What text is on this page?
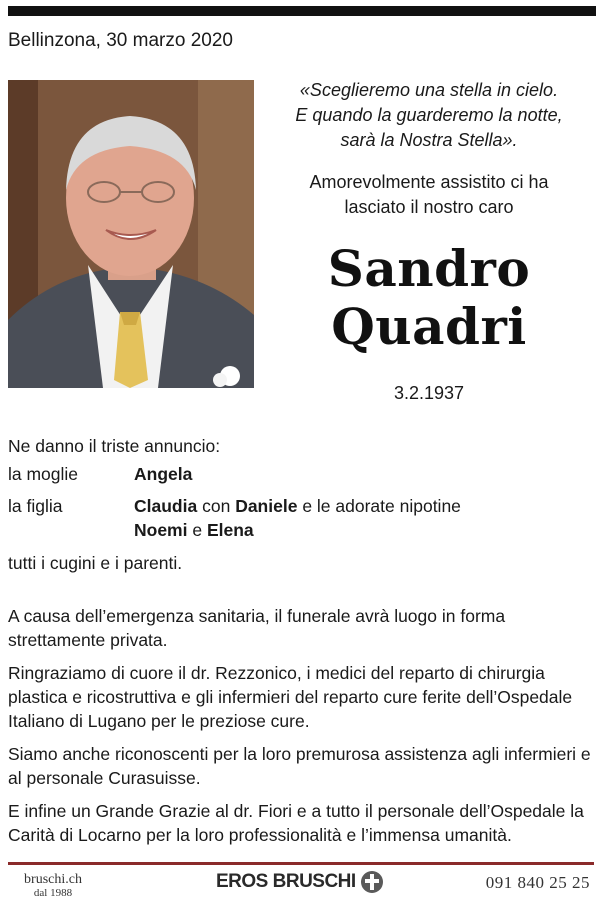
Bellinzona, 30 marzo 2020
«Sceglieremo una stella in cielo.
E quando la guarderemo la notte,
sarà la Nostra Stella».
Amorevolmente assistito ci ha
lasciato il nostro caro
Sandro
Quadri
3.2.1937
Ne danno il triste annuncio:
la moglie	Angela
la figlia	Claudia con Daniele e le adorate nipotine
Noemi e Elena
tutti i cugini e i parenti.
A causa dell’emergenza sanitaria, il funerale avrà luogo in forma strettamente privata.
Ringraziamo di cuore il dr. Rezzonico, i medici del reparto di chirurgia plastica e ricostruttiva e gli infermieri del reparto cure ferite dell’Ospedale Italiano di Lugano per le preziose cure.
Siamo anche riconoscenti per la loro premurosa assistenza agli infermieri e al personale Curasuisse.
E infine un Grande Grazie al dr. Fiori e a tutto il personale dell’Ospedale la Carità di Locarno per la loro professionalità e l’immensa umanità.
bruschi.ch
dal 1988
EROS BRUSCHI	091 840 25 25
